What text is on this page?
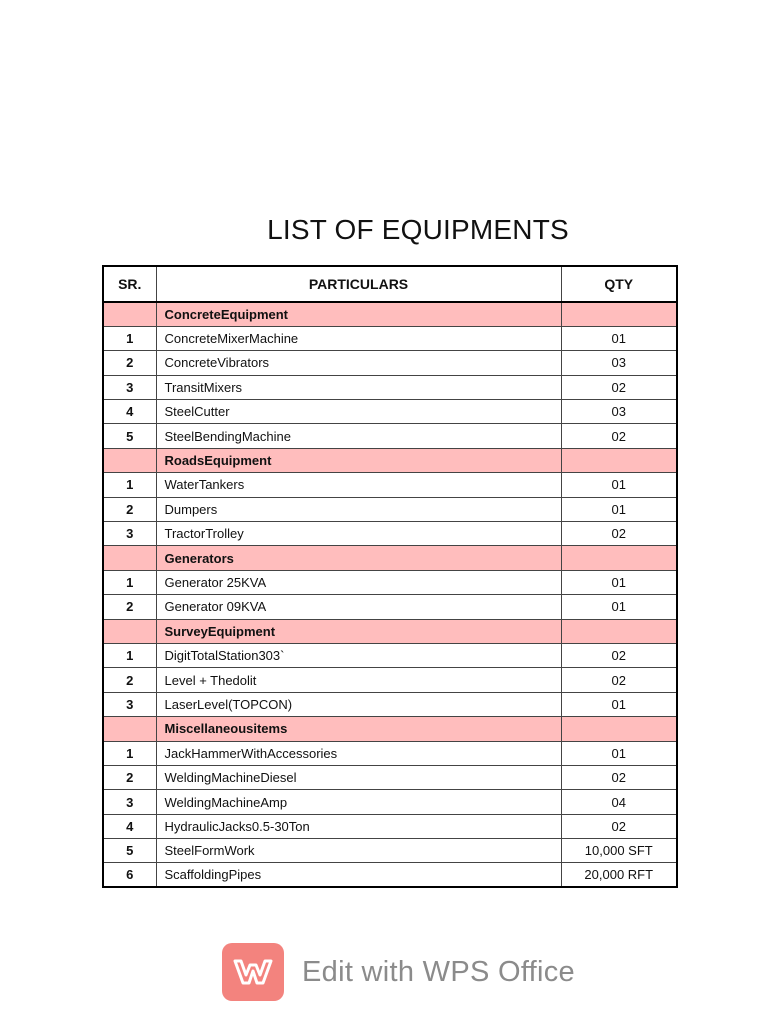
LIST OF EQUIPMENTS
SR.	PARTICULARS	QTY
	ConcreteEquipment	
1	ConcreteMixerMachine	01
2	ConcreteVibrators	03
3	TransitMixers	02
4	SteelCutter	03
5	SteelBendingMachine	02
	RoadsEquipment	
1	WaterTankers	01
2	Dumpers	01
3	TractorTrolley	02
	Generators	
1	Generator 25KVA	01
2	Generator 09KVA	01
	SurveyEquipment	
1	DigitTotalStation303`	02
2	Level + Thedolit	02
3	LaserLevel(TOPCON)	01
	Miscellaneousitems	
1	JackHammerWithAccessories	01
2	WeldingMachineDiesel	02
3	WeldingMachineAmp	04
4	HydraulicJacks0.5-30Ton	02
5	SteelFormWork	10,000 SFT
6	ScaffoldingPipes	20,000 RFT
Edit with WPS Office
